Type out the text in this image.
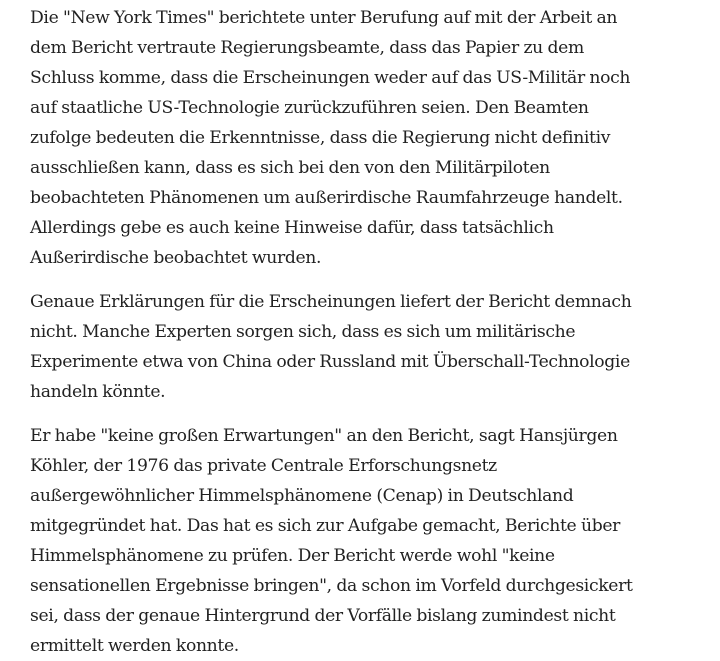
Die "New York Times" berichtete unter Berufung auf mit der Arbeit an
dem Bericht vertraute Regierungsbeamte, dass das Papier zu dem
Schluss komme, dass die Erscheinungen weder auf das US-Militär noch
auf staatliche US-Technologie zurückzuführen seien. Den Beamten
zufolge bedeuten die Erkenntnisse, dass die Regierung nicht definitiv
ausschließen kann, dass es sich bei den von den Militärpiloten
beobachteten Phänomenen um außerirdische Raumfahrzeuge handelt.
Allerdings gebe es auch keine Hinweise dafür, dass tatsächlich
Außerirdische beobachtet wurden.

Genaue Erklärungen für die Erscheinungen liefert der Bericht demnach
nicht. Manche Experten sorgen sich, dass es sich um militärische
Experimente etwa von China oder Russland mit Überschall-Technologie
handeln könnte.

Er habe "keine großen Erwartungen" an den Bericht, sagt Hansjürgen
Köhler, der 1976 das private Centrale Erforschungsnetz
außergewöhnlicher Himmelsphänomene (Cenap) in Deutschland
mitgegründet hat. Das hat es sich zur Aufgabe gemacht, Berichte über
Himmelsphänomene zu prüfen. Der Bericht werde wohl "keine
sensationellen Ergebnisse bringen", da schon im Vorfeld durchgesickert
sei, dass der genaue Hintergrund der Vorfälle bislang zumindest nicht
ermittelt werden konnte.
